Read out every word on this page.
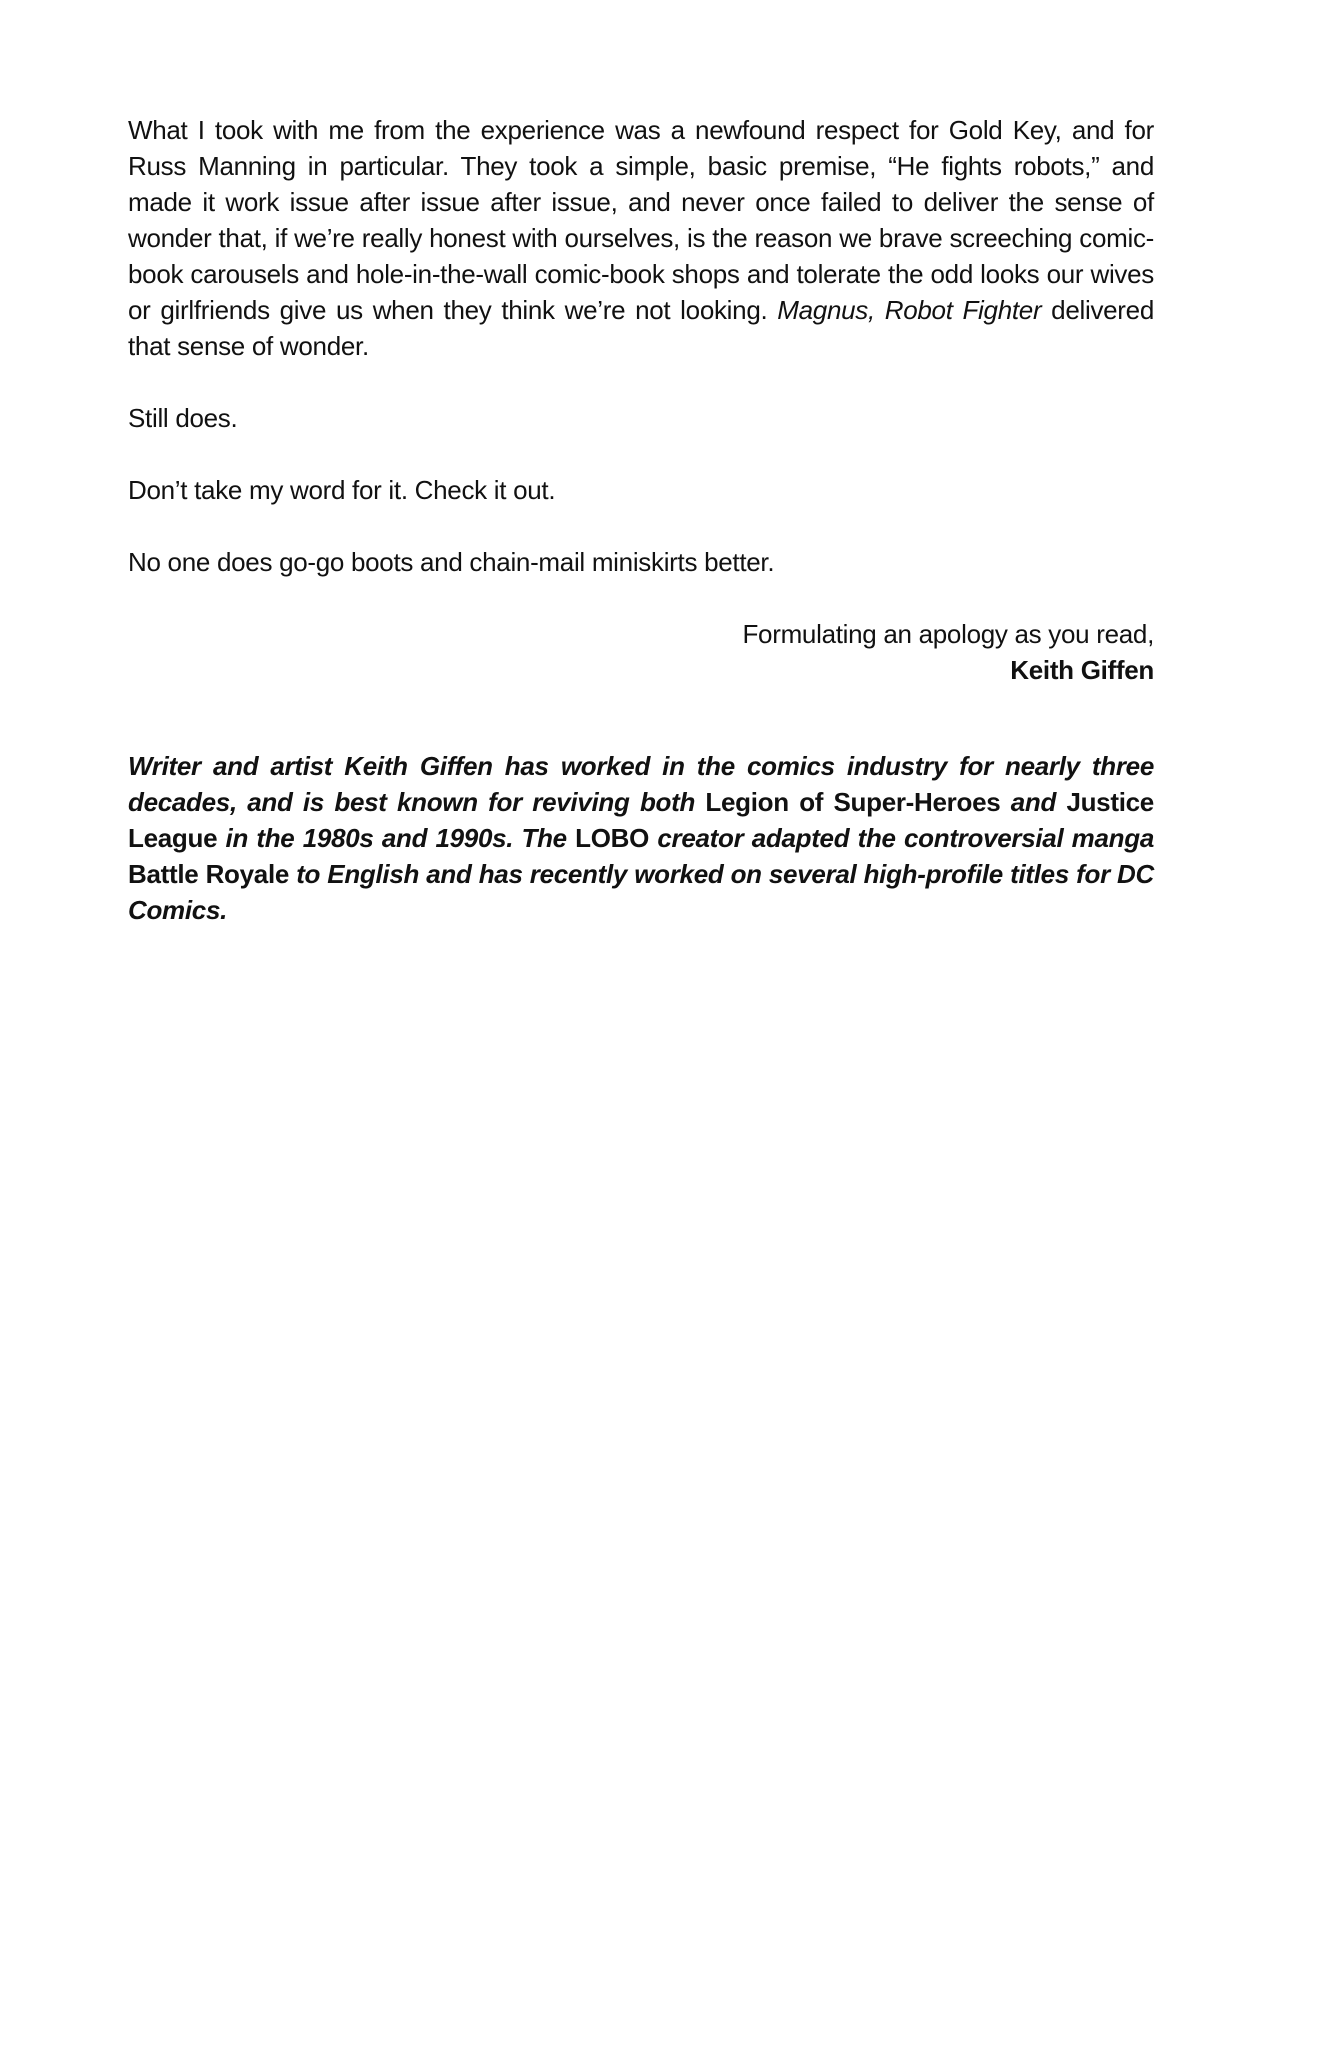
What I took with me from the experience was a newfound respect for Gold Key, and for Russ Manning in particular. They took a simple, basic premise, “He fights robots,” and made it work issue after issue after issue, and never once failed to deliver the sense of wonder that, if we’re really honest with ourselves, is the reason we brave screeching comic-book carousels and hole-in-the-wall comic-book shops and tolerate the odd looks our wives or girlfriends give us when they think we’re not looking. Magnus, Robot Fighter delivered that sense of wonder.

Still does.

Don’t take my word for it. Check it out.

No one does go-go boots and chain-mail miniskirts better.

Formulating an apology as you read,

Keith Giffen

Writer and artist Keith Giffen has worked in the comics industry for nearly three decades, and is best known for reviving both Legion of Super-Heroes and Justice League in the 1980s and 1990s. The LOBO creator adapted the controversial manga Battle Royale to English and has recently worked on several high-profile titles for DC Comics.
